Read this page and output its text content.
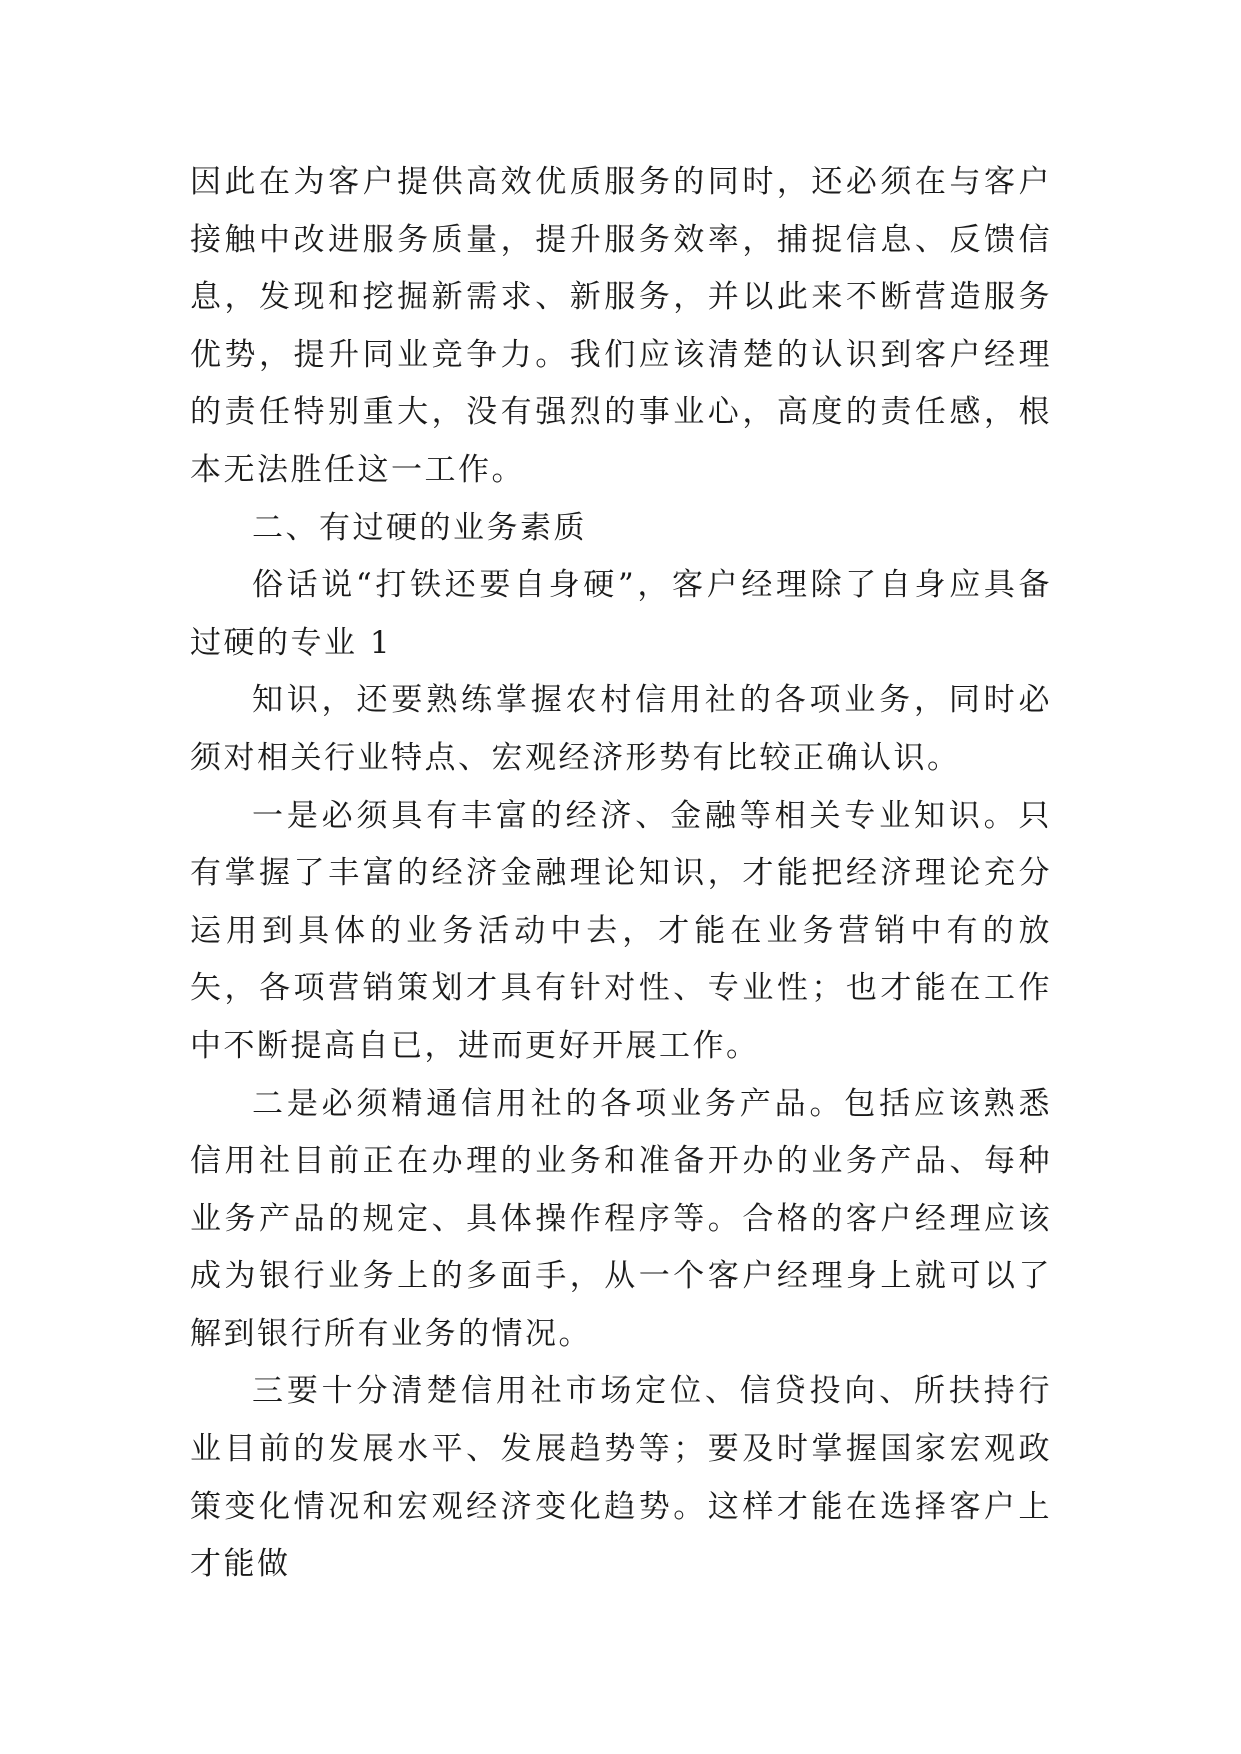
因此在为客户提供高效优质服务的同时，还必须在与客户接触中改进服务质量，提升服务效率，捕捉信息、反馈信息，发现和挖掘新需求、新服务，并以此来不断营造服务优势，提升同业竞争力。我们应该清楚的认识到客户经理的责任特别重大，没有强烈的事业心，高度的责任感，根本无法胜任这一工作。

二、有过硬的业务素质

俗话说“打铁还要自身硬”，客户经理除了自身应具备过硬的专业 1

知识，还要熟练掌握农村信用社的各项业务，同时必须对相关行业特点、宏观经济形势有比较正确认识。

一是必须具有丰富的经济、金融等相关专业知识。只有掌握了丰富的经济金融理论知识，才能把经济理论充分运用到具体的业务活动中去，才能在业务营销中有的放矢，各项营销策划才具有针对性、专业性；也才能在工作中不断提高自已，进而更好开展工作。

二是必须精通信用社的各项业务产品。包括应该熟悉信用社目前正在办理的业务和准备开办的业务产品、每种业务产品的规定、具体操作程序等。合格的客户经理应该成为银行业务上的多面手，从一个客户经理身上就可以了解到银行所有业务的情况。

三要十分清楚信用社市场定位、信贷投向、所扶持行业目前的发展水平、发展趋势等；要及时掌握国家宏观政策变化情况和宏观经济变化趋势。这样才能在选择客户上才能做
